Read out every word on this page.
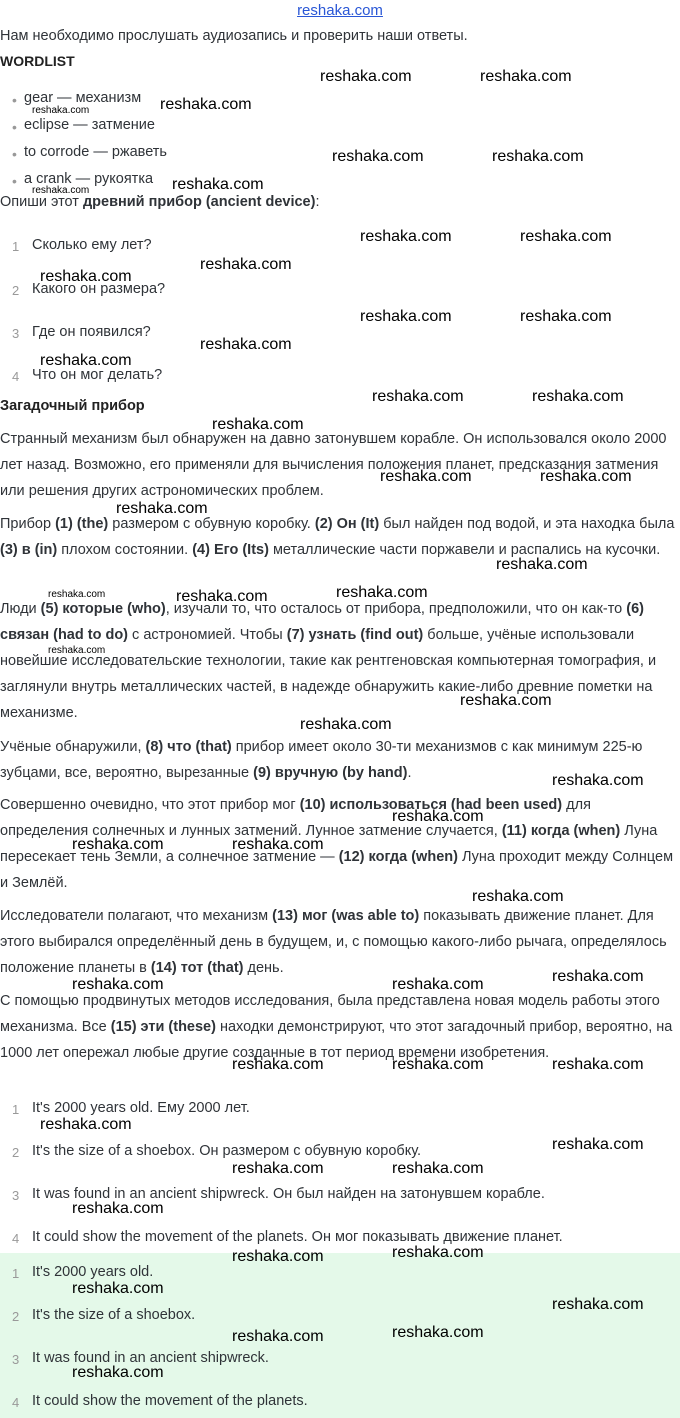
reshaka.com
Нам необходимо прослушать аудиозапись и проверить наши ответы.
WORDLIST
• gear — механизм
• eclipse — затмение
• to corrode — ржаветь
• a crank — рукоятка
Опиши этот древний прибор (ancient device):
1 Сколько ему лет?
2 Какого он размера?
3 Где он появился?
4 Что он мог делать?
Загадочный прибор
Странный механизм был обнаружен на давно затонувшем корабле. Он использовался около 2000 лет назад. Возможно, его применяли для вычисления положения планет, предсказания затмения или решения других астрономических проблем.
Прибор (1) (the) размером с обувную коробку. (2) Он (It) был найден под водой, и эта находка была (3) в (in) плохом состоянии. (4) Его (Its) металлические части поржавели и распались на кусочки.
Люди (5) которые (who), изучали то, что осталось от прибора, предположили, что он как-то (6) связан (had to do) с астрономией. Чтобы (7) узнать (find out) больше, учёные использовали новейшие исследовательские технологии, такие как рентгеновская компьютерная томография, и заглянули внутрь металлических частей, в надежде обнаружить какие-либо древние пометки на механизме.
Учёные обнаружили, (8) что (that) прибор имеет около 30-ти механизмов с как минимум 225-ю зубцами, все, вероятно, вырезанные (9) вручную (by hand).
Совершенно очевидно, что этот прибор мог (10) использоваться (had been used) для определения солнечных и лунных затмений. Лунное затмение случается, (11) когда (when) Луна пересекает тень Земли, а солнечное затмение — (12) когда (when) Луна проходит между Солнцем и Землёй.
Исследователи полагают, что механизм (13) мог (was able to) показывать движение планет. Для этого выбирался определённый день в будущем, и, с помощью какого-либо рычага, определялось положение планеты в (14) тот (that) день.
С помощью продвинутых методов исследования, была представлена новая модель работы этого механизма. Все (15) эти (these) находки демонстрируют, что этот загадочный прибор, вероятно, на 1000 лет опережал любые другие созданные в тот период времени изобретения.
1 It's 2000 years old. Ему 2000 лет.
2 It's the size of a shoebox. Он размером с обувную коробку.
3 It was found in an ancient shipwreck. Он был найден на затонувшем корабле.
4 It could show the movement of the planets. Он мог показывать движение планет.
1 It's 2000 years old.
2 It's the size of a shoebox.
3 It was found in an ancient shipwreck.
4 It could show the movement of the planets.
reshaka.com	reshaka.com
reshaka.com
reshaka.com
reshaka.com	reshaka.com
reshaka.com
reshaka.com
reshaka.com	reshaka.com
reshaka.com
reshaka.com
reshaka.com	reshaka.com
reshaka.com
reshaka.com
reshaka.com	reshaka.com
reshaka.com
reshaka.com	reshaka.com
reshaka.com
reshaka.com
reshaka.com	reshaka.com
reshaka.com
reshaka.com
reshaka.com
reshaka.com
reshaka.com
reshaka.com
reshaka.com	reshaka.com
reshaka.com
reshaka.com
reshaka.com	reshaka.com
reshaka.com	reshaka.com	reshaka.com
reshaka.com
reshaka.com
reshaka.com	reshaka.com
reshaka.com
reshaka.com	reshaka.com
reshaka.com
reshaka.com
reshaka.com	reshaka.com
reshaka.com
